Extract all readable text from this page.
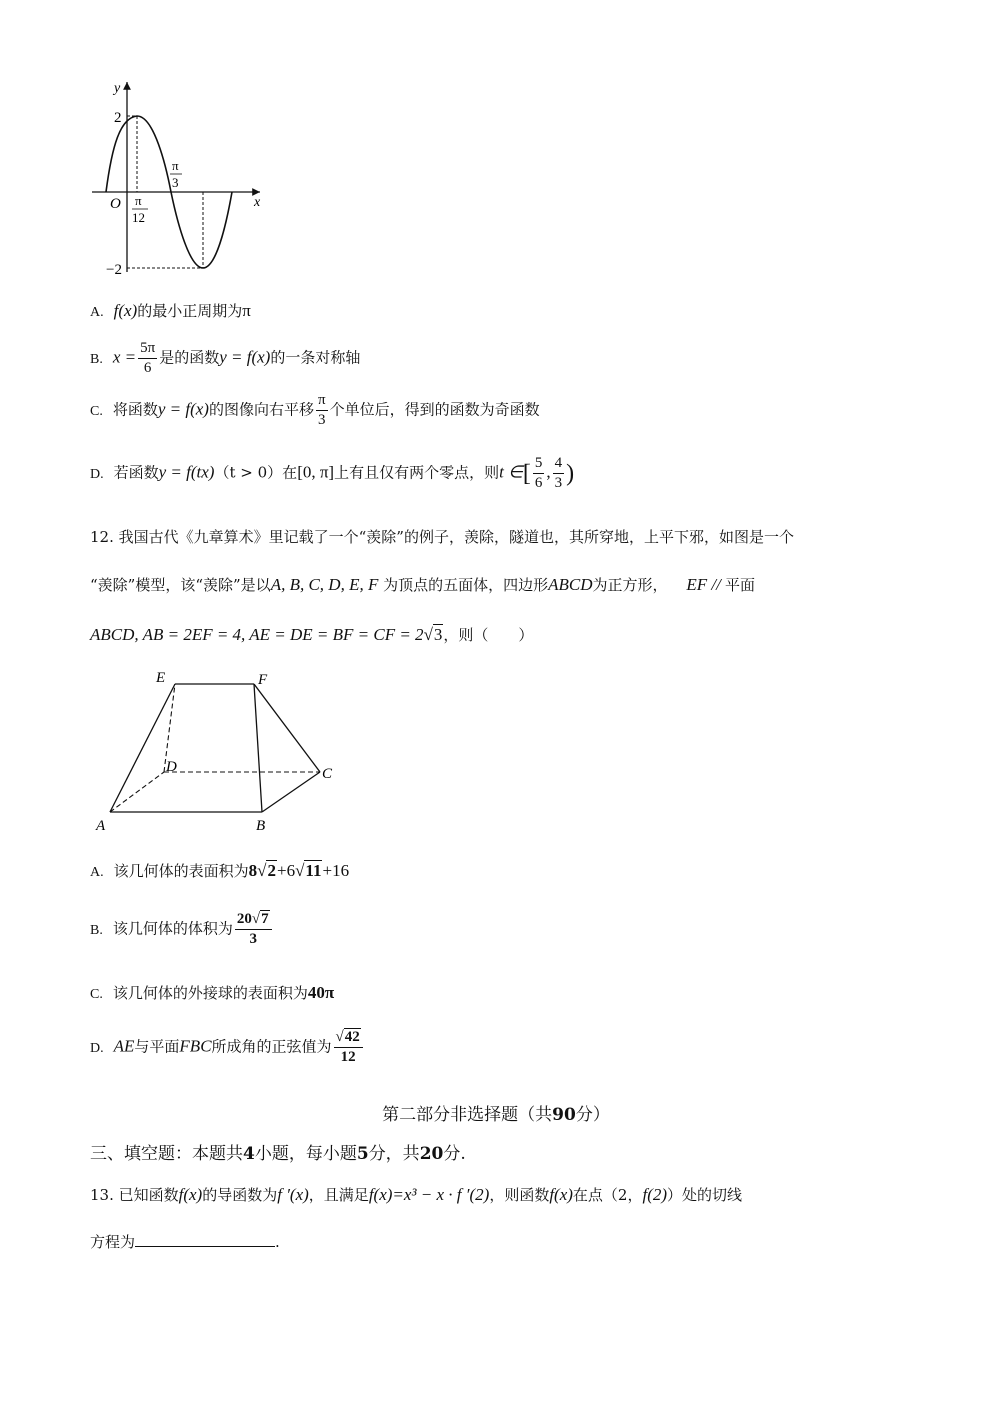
y
x
O
2
−2
π
12
π
3
A. f(x)的最小正周期为π
B. $x = \frac{5\pi}{6}$ 是的函数y = f(x)的一条对称轴
C. 将函数y = f(x)的图像向右平移 $\frac{\pi}{3}$ 个单位后，得到的函数为奇函数
D. 若函数y = f(tx)（t > 0）在[0, π]上有且仅有两个零点，则t ∈[ $\frac{5}{6}$ , $\frac{4}{3}$ )
12. 我国古代《九章算术》里记载了一个“羡除”的例子，羡除，隧道也，其所穿地，上平下邪，如图是一个
“羡除”模型，该“羡除”是以A, B, C, D, E, F 为顶点的五面体，四边形ABCD为正方形， EF // 平面
ABCD, AB = 2EF = 4, AE = DE = BF = CF = 2√3，则（　　）
E	F
D	C
A	B
A. 该几何体的表面积为8√2+6√11+16
B. 该几何体的体积为 $\frac{20√7}{3}$
C. 该几何体的外接球的表面积为40π
D. AE与平面FBC所成角的正弦值为 $\frac{√42}{12}$
第二部分非选择题（共90分）
三、填空题：本题共4小题，每小题5分，共20分.
13. 已知函数f(x)的导函数为f ′(x)，且满足f(x)=x³ − x · f ′(2)，则函数f(x)在点（2，f(2)）处的切线
方程为	.
